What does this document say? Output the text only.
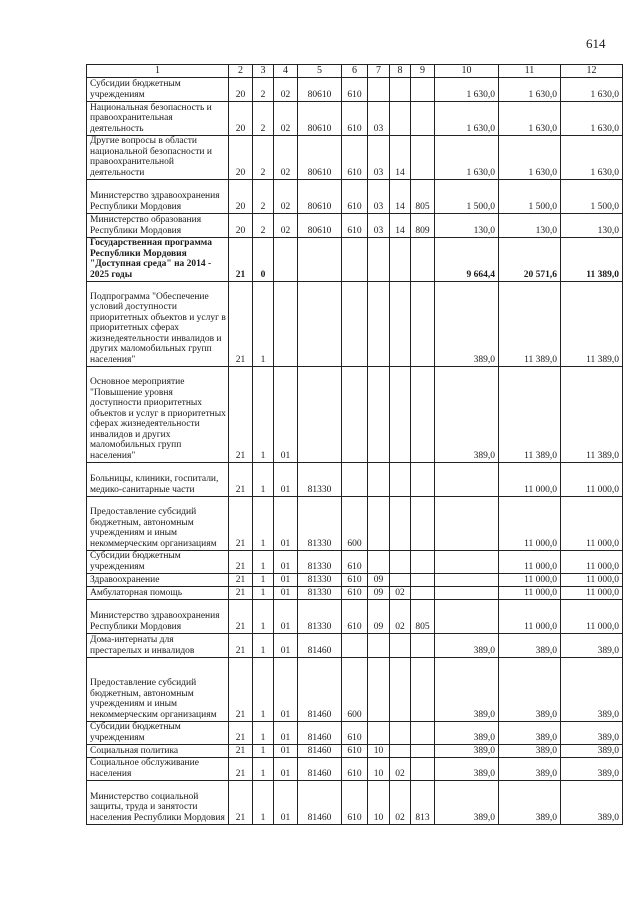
614
1	2	3	4	5	6	7	8	9	10	11	12
Субсидии бюджетным учреждениям	20	2	02	80610	610				1 630,0	1 630,0	1 630,0
Национальная безопасность и правоохранительная деятельность	20	2	02	80610	610	03			1 630,0	1 630,0	1 630,0
Другие вопросы в области национальной безопасности и правоохранительной деятельности	20	2	02	80610	610	03	14		1 630,0	1 630,0	1 630,0
Министерство здравоохранения Республики Мордовия	20	2	02	80610	610	03	14	805	1 500,0	1 500,0	1 500,0
Министерство образования Республики Мордовия	20	2	02	80610	610	03	14	809	130,0	130,0	130,0
Государственная программа Республики Мордовия "Доступная среда" на 2014 - 2025 годы	21	0							9 664,4	20 571,6	11 389,0
Подпрограмма "Обеспечение условий доступности приоритетных объектов и услуг в приоритетных сферах жизнедеятельности инвалидов и других маломобильных групп населения"	21	1							389,0	11 389,0	11 389,0
Основное мероприятие "Повышение уровня доступности приоритетных объектов и услуг в приоритетных сферах жизнедеятельности инвалидов и других маломобильных групп населения"	21	1	01						389,0	11 389,0	11 389,0
Больницы, клиники, госпитали, медико-санитарные части	21	1	01	81330						11 000,0	11 000,0
Предоставление субсидий бюджетным, автономным учреждениям и иным некоммерческим организациям	21	1	01	81330	600					11 000,0	11 000,0
Субсидии бюджетным учреждениям	21	1	01	81330	610					11 000,0	11 000,0
Здравоохранение	21	1	01	81330	610	09				11 000,0	11 000,0
Амбулаторная помощь	21	1	01	81330	610	09	02			11 000,0	11 000,0
Министерство здравоохранения Республики Мордовия	21	1	01	81330	610	09	02	805		11 000,0	11 000,0
Дома-интернаты для престарелых и инвалидов	21	1	01	81460					389,0	389,0	389,0
Предоставление субсидий бюджетным, автономным учреждениям и иным некоммерческим организациям	21	1	01	81460	600				389,0	389,0	389,0
Субсидии бюджетным учреждениям	21	1	01	81460	610				389,0	389,0	389,0
Социальная политика	21	1	01	81460	610	10			389,0	389,0	389,0
Социальное обслуживание населения	21	1	01	81460	610	10	02		389,0	389,0	389,0
Министерство социальной защиты, труда и занятости населения Республики Мордовия	21	1	01	81460	610	10	02	813	389,0	389,0	389,0
